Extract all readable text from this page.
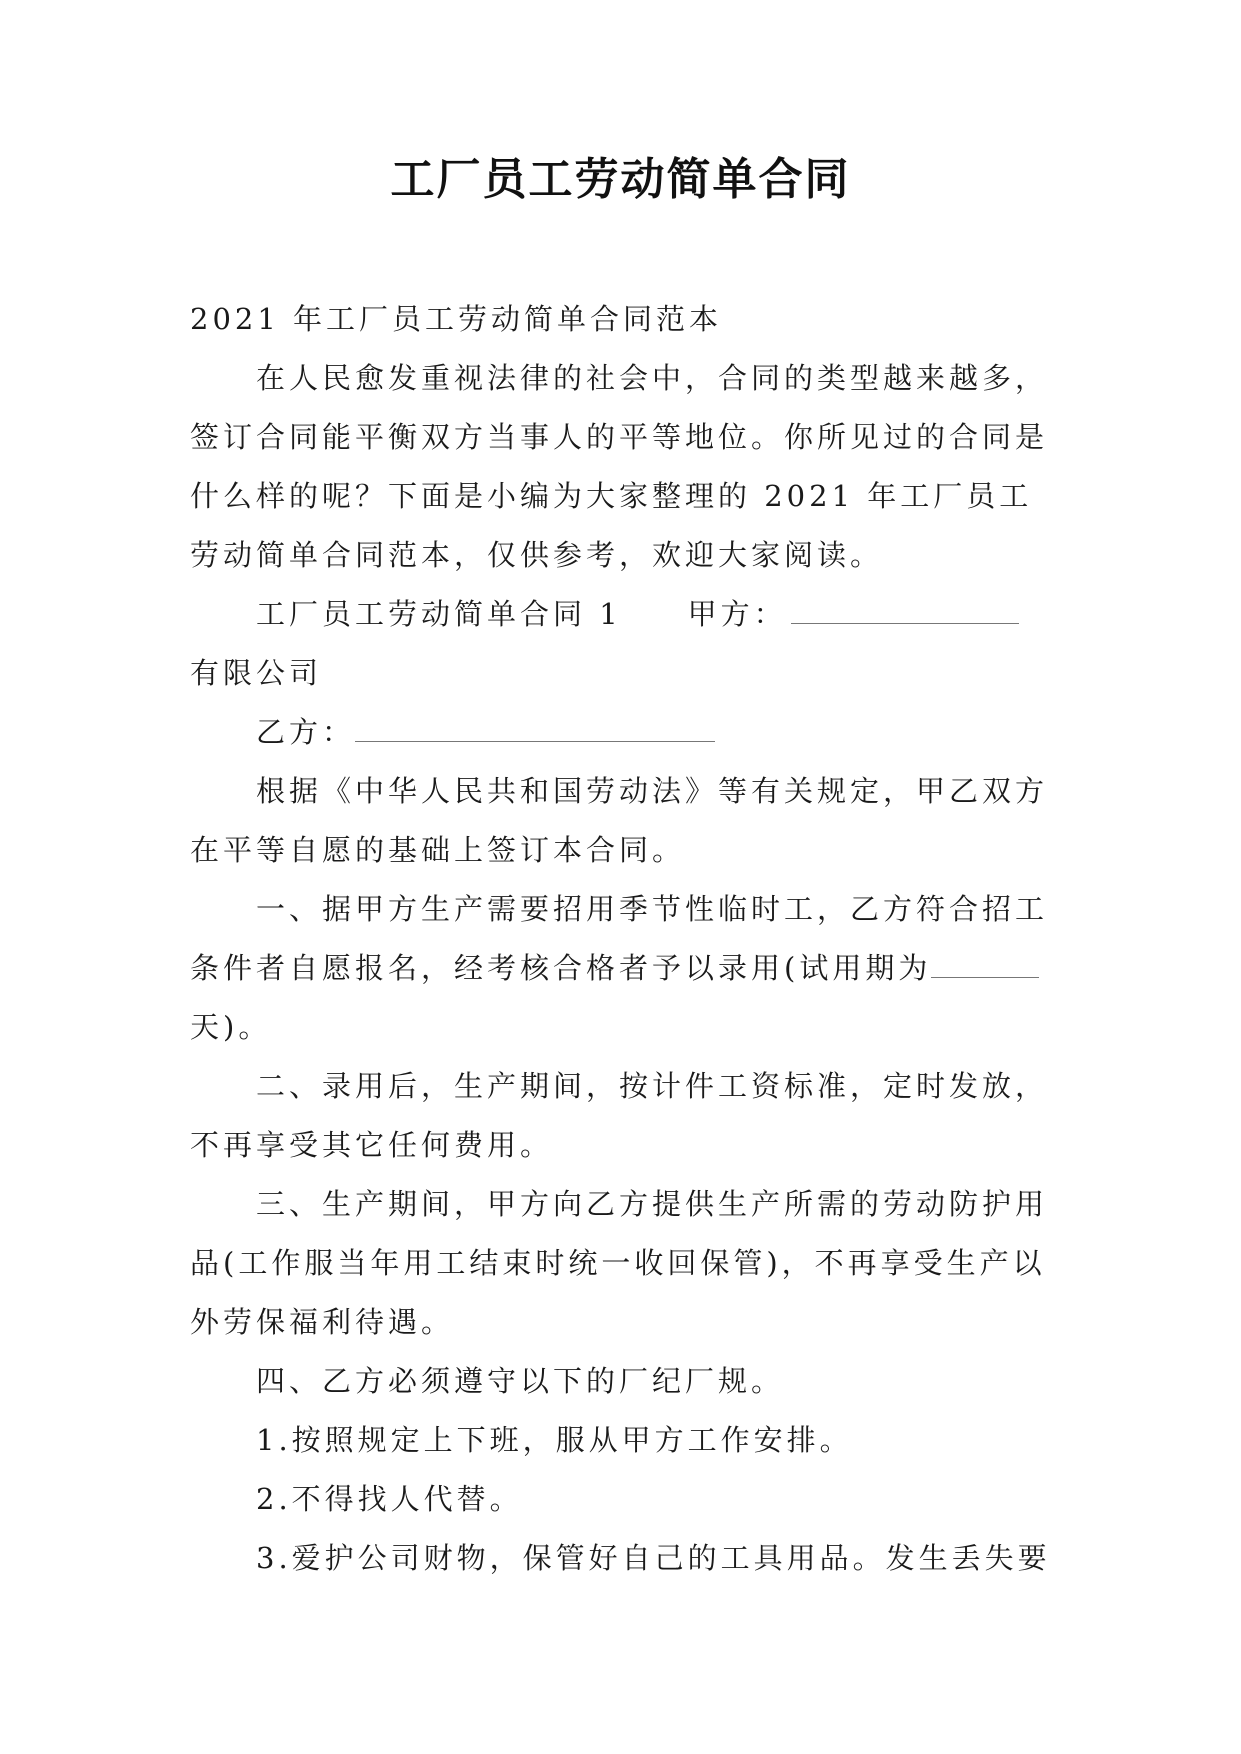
工厂员工劳动简单合同

2021 年工厂员工劳动简单合同范本

在人民愈发重视法律的社会中，合同的类型越来越多，签订合同能平衡双方当事人的平等地位。你所见过的合同是什么样的呢？下面是小编为大家整理的 2021 年工厂员工劳动简单合同范本，仅供参考，欢迎大家阅读。

工厂员工劳动简单合同 1 甲方：有限公司

乙方：

根据《中华人民共和国劳动法》等有关规定，甲乙双方在平等自愿的基础上签订本合同。

一、据甲方生产需要招用季节性临时工，乙方符合招工条件者自愿报名，经考核合格者予以录用(试用期为天)。

二、录用后，生产期间，按计件工资标准，定时发放，不再享受其它任何费用。

三、生产期间，甲方向乙方提供生产所需的劳动防护用品(工作服当年用工结束时统一收回保管)，不再享受生产以外劳保福利待遇。

四、乙方必须遵守以下的厂纪厂规。

1.按照规定上下班，服从甲方工作安排。

2.不得找人代替。

3.爱护公司财物，保管好自己的工具用品。发生丢失要
